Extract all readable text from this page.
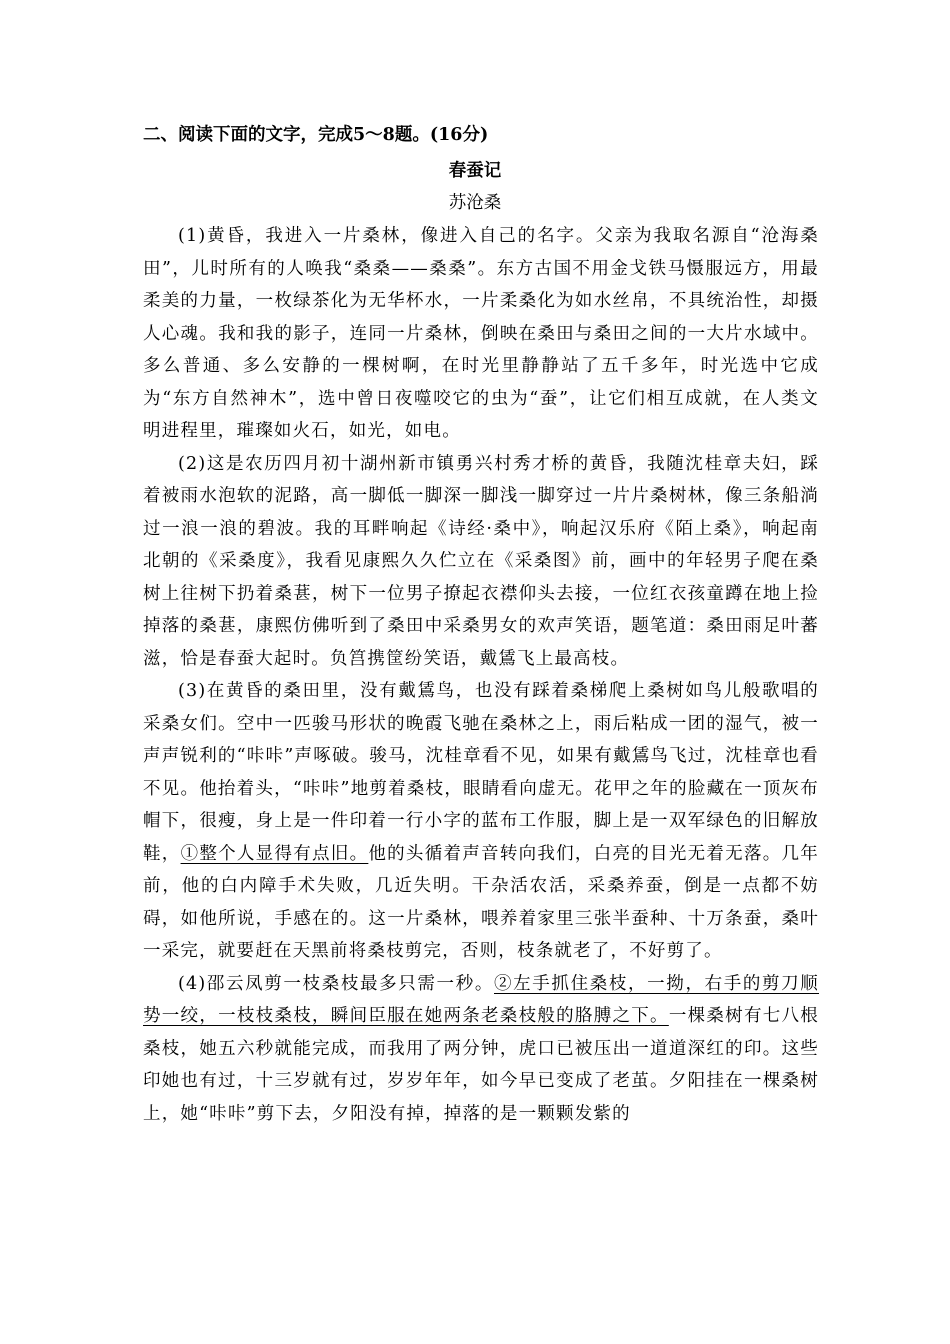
二、阅读下面的文字，完成5～8题。(16分)
春蚕记
苏沧桑

(1)黄昏，我进入一片桑林，像进入自己的名字。父亲为我取名源自“沧海桑田”，儿时所有的人唤我“桑桑——桑桑”。东方古国不用金戈铁马慑服远方，用最柔美的力量，一枚绿茶化为无华杯水，一片柔桑化为如水丝帛，不具统治性，却摄人心魂。我和我的影子，连同一片桑林，倒映在桑田与桑田之间的一大片水域中。多么普通、多么安静的一棵树啊，在时光里静静站了五千多年，时光选中它成为“东方自然神木”，选中曾日夜噬咬它的虫为“蚕”，让它们相互成就，在人类文明进程里，璀璨如火石，如光，如电。

(2)这是农历四月初十湖州新市镇勇兴村秀才桥的黄昏，我随沈桂章夫妇，踩着被雨水泡软的泥路，高一脚低一脚深一脚浅一脚穿过一片片桑树林，像三条船淌过一浪一浪的碧波。我的耳畔响起《诗经·桑中》，响起汉乐府《陌上桑》，响起南北朝的《采桑度》，我看见康熙久久伫立在《采桑图》前，画中的年轻男子爬在桑树上往树下扔着桑葚，树下一位男子撩起衣襟仰头去接，一位红衣孩童蹲在地上捡掉落的桑葚，康熙仿佛听到了桑田中采桑男女的欢声笑语，题笔道：桑田雨足叶蕃滋，恰是春蚕大起时。负筥携筐纷笑语，戴鵀飞上最高枝。

(3)在黄昏的桑田里，没有戴鵀鸟，也没有踩着桑梯爬上桑树如鸟儿般歌唱的采桑女们。空中一匹骏马形状的晚霞飞驰在桑林之上，雨后粘成一团的湿气，被一声声锐利的“咔咔”声啄破。骏马，沈桂章看不见，如果有戴鵀鸟飞过，沈桂章也看不见。他抬着头，“咔咔”地剪着桑枝，眼睛看向虚无。花甲之年的脸藏在一顶灰布帽下，很瘦，身上是一件印着一行小字的蓝布工作服，脚上是一双军绿色的旧解放鞋，①整个人显得有点旧。他的头循着声音转向我们，白亮的目光无着无落。几年前，他的白内障手术失败，几近失明。干杂活农活，采桑养蚕，倒是一点都不妨碍，如他所说，手感在的。这一片桑林，喂养着家里三张半蚕种、十万条蚕，桑叶一采完，就要赶在天黑前将桑枝剪完，否则，枝条就老了，不好剪了。

(4)邵云凤剪一枝桑枝最多只需一秒。②左手抓住桑枝，一拗，右手的剪刀顺势一绞，一枝枝桑枝，瞬间臣服在她两条老桑枝般的胳膊之下。一棵桑树有七八根桑枝，她五六秒就能完成，而我用了两分钟，虎口已被压出一道道深红的印。这些印她也有过，十三岁就有过，岁岁年年，如今早已变成了老茧。夕阳挂在一棵桑树上，她“咔咔”剪下去，夕阳没有掉，掉落的是一颗颗发紫的
